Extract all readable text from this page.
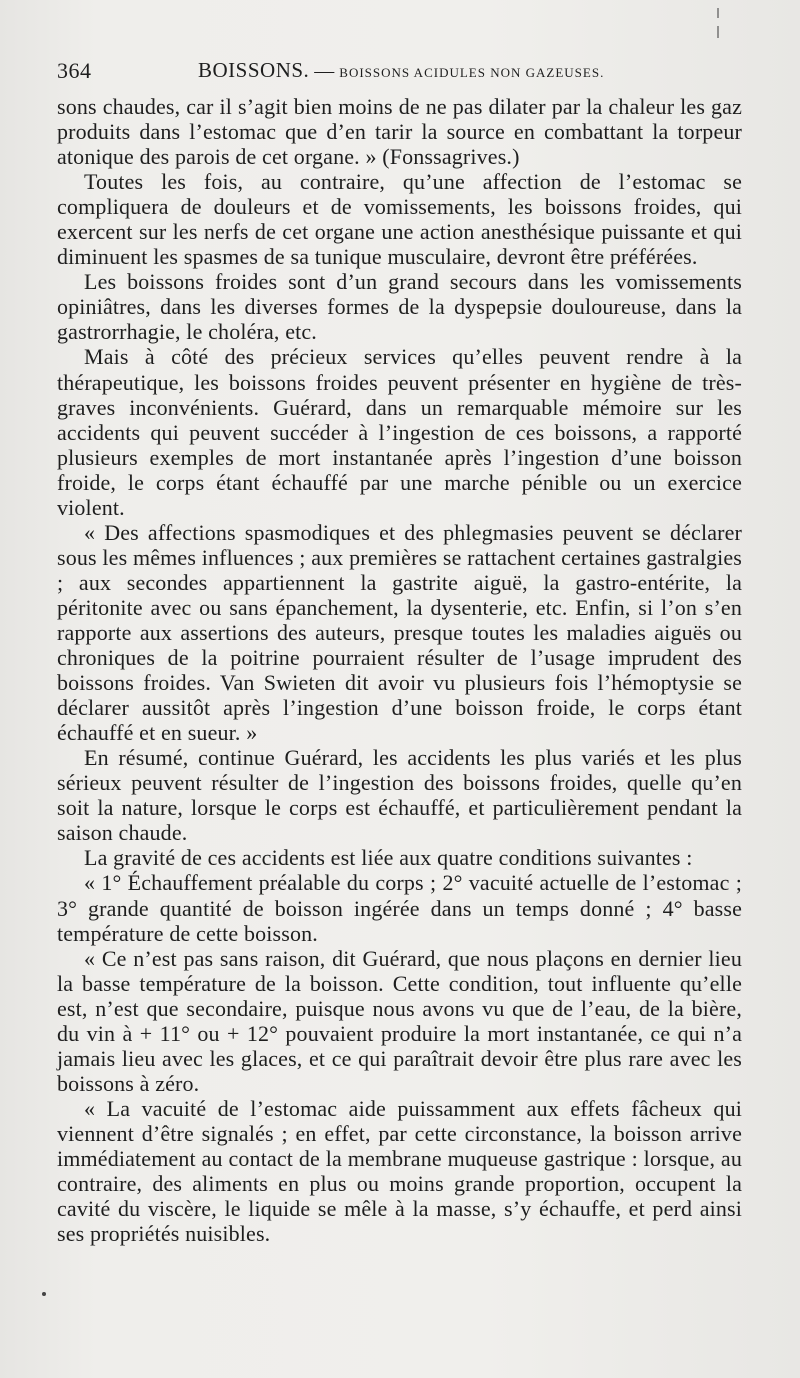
364	BOISSONS. — BOISSONS ACIDULES NON GAZEUSES.

sons chaudes, car il s’agit bien moins de ne pas dilater par la chaleur les gaz produits dans l’estomac que d’en tarir la source en combattant la torpeur atonique des parois de cet organe. » (Fonssagrives.)

Toutes les fois, au contraire, qu’une affection de l’estomac se compliquera de douleurs et de vomissements, les boissons froides, qui exercent sur les nerfs de cet organe une action anesthésique puissante et qui diminuent les spasmes de sa tunique musculaire, devront être préférées.

Les boissons froides sont d’un grand secours dans les vomissements opiniâtres, dans les diverses formes de la dyspepsie douloureuse, dans la gastrorrhagie, le choléra, etc.

Mais à côté des précieux services qu’elles peuvent rendre à la thérapeutique, les boissons froides peuvent présenter en hygiène de très-graves inconvénients. Guérard, dans un remarquable mémoire sur les accidents qui peuvent succéder à l’ingestion de ces boissons, a rapporté plusieurs exemples de mort instantanée après l’ingestion d’une boisson froide, le corps étant échauffé par une marche pénible ou un exercice violent.

« Des affections spasmodiques et des phlegmasies peuvent se déclarer sous les mêmes influences ; aux premières se rattachent certaines gastralgies ; aux secondes appartiennent la gastrite aiguë, la gastro-entérite, la péritonite avec ou sans épanchement, la dysenterie, etc. Enfin, si l’on s’en rapporte aux assertions des auteurs, presque toutes les maladies aiguës ou chroniques de la poitrine pourraient résulter de l’usage imprudent des boissons froides. Van Swieten dit avoir vu plusieurs fois l’hémoptysie se déclarer aussitôt après l’ingestion d’une boisson froide, le corps étant échauffé et en sueur. »

En résumé, continue Guérard, les accidents les plus variés et les plus sérieux peuvent résulter de l’ingestion des boissons froides, quelle qu’en soit la nature, lorsque le corps est échauffé, et particulièrement pendant la saison chaude.

La gravité de ces accidents est liée aux quatre conditions suivantes :

« 1° Échauffement préalable du corps ; 2° vacuité actuelle de l’estomac ; 3° grande quantité de boisson ingérée dans un temps donné ; 4° basse température de cette boisson.

« Ce n’est pas sans raison, dit Guérard, que nous plaçons en dernier lieu la basse température de la boisson. Cette condition, tout influente qu’elle est, n’est que secondaire, puisque nous avons vu que de l’eau, de la bière, du vin à + 11° ou + 12° pouvaient produire la mort instantanée, ce qui n’a jamais lieu avec les glaces, et ce qui paraîtrait devoir être plus rare avec les boissons à zéro.

« La vacuité de l’estomac aide puissamment aux effets fâcheux qui viennent d’être signalés ; en effet, par cette circonstance, la boisson arrive immédiatement au contact de la membrane muqueuse gastrique : lorsque, au contraire, des aliments en plus ou moins grande proportion, occupent la cavité du viscère, le liquide se mêle à la masse, s’y échauffe, et perd ainsi ses propriétés nuisibles.
